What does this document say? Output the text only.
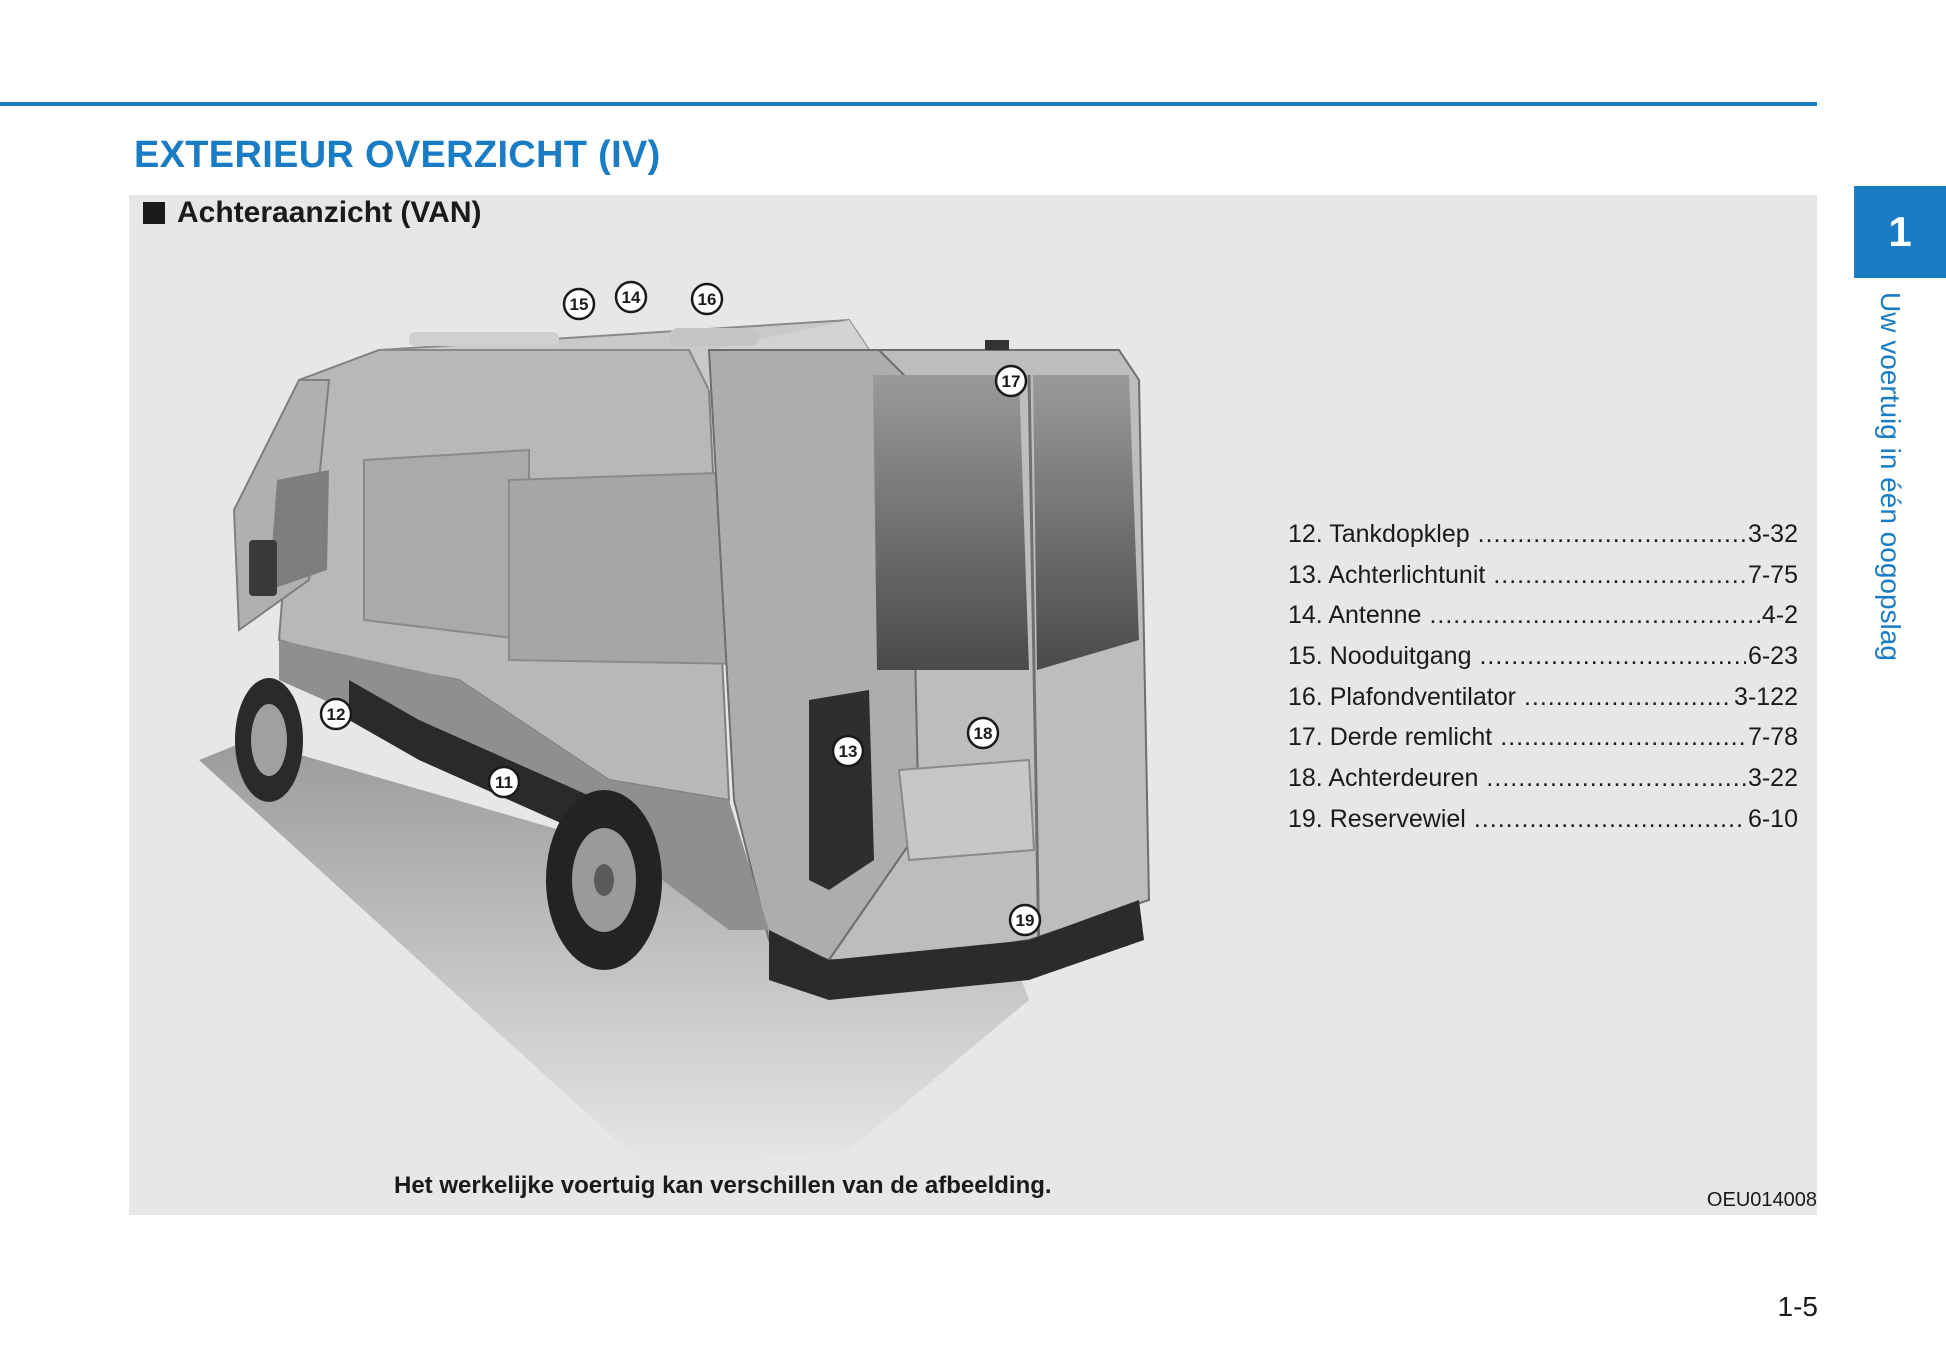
EXTERIEUR OVERZICHT (IV)
Achteraanzicht (VAN)
15 14	16
17
12
18
13
11
19
12. Tankdopklep .....	3-32
13. Achterlichtunit .....	7-75
14. Antenne .....	4-2
15. Nooduitgang .....	6-23
16. Plafondventilator .....	3-122
17. Derde remlicht .....	7-78
18. Achterdeuren .....	3-22
19. Reservewiel .....	6-10
Het werkelijke voertuig kan verschillen van de afbeelding.
OEU014008
1
Uw voertuig in één oogopslag
1-5
